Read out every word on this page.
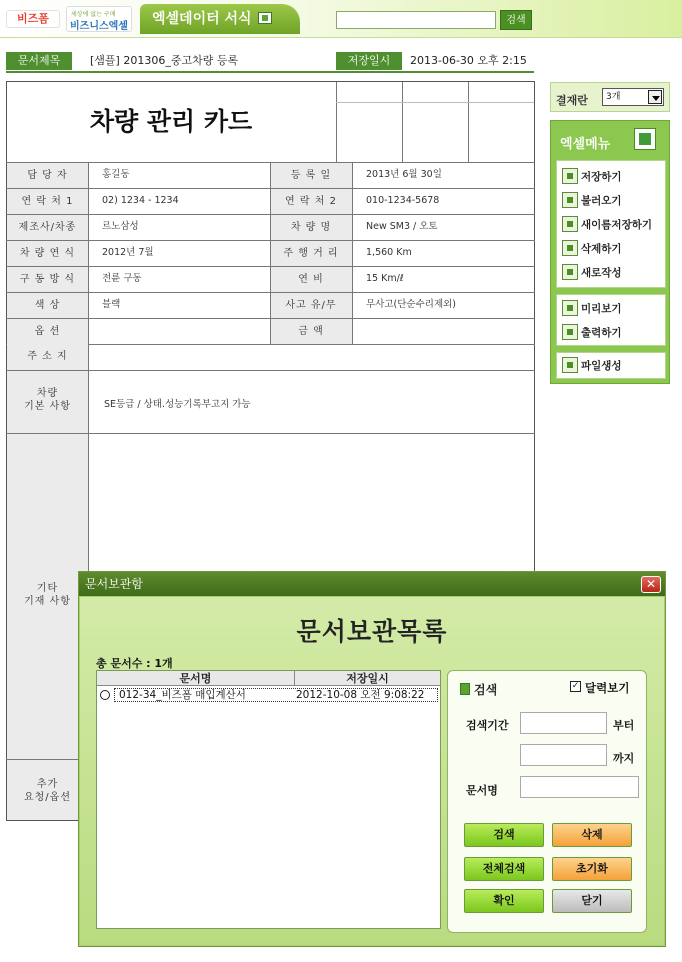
비즈폼	세상에 없는 구매
비즈니스엑셀	엑셀데이터 서식	검색
문서제목	[샘플] 201306_중고차량 등록	저장일시	2013-06-30 오후 2:15
차량 관리 카드
담 당 자	홍길동	등 록 일	2013년 6월 30일
연 락 처 1	02) 1234 - 1234	연 락 처 2	010-1234-5678
제조사/차종	르노삼성	차 량 명	New SM3 / 오토
차 량 연 식	2012년 7월	주 행 거 리	1,560 Km
구 동 방 식	전륜 구동	연 비	15 Km/ℓ
색 상	블랙	사고 유/무	무사고(단순수리제외)
옵 션	금 액
주 소 지
차량
기본 사항	SE등급 / 상태.성능기록부고지 가능
기타
기재 사항
추가
요청/옵션
결재란	3개
엑셀메뉴
저장하기
불러오기
새이름저장하기
삭제하기
새로작성
미리보기
출력하기
파일생성
문서보관함	✕
문서보관목록
총 문서수 : 1개
문서명	저장일시
012-34_비즈폼 매입계산서	2012-10-08 오전 9:08:22	검색	✓ 달력보기
검색기간	부터
까지
문서명
검색	삭제
전체검색	초기화
확인	닫기
